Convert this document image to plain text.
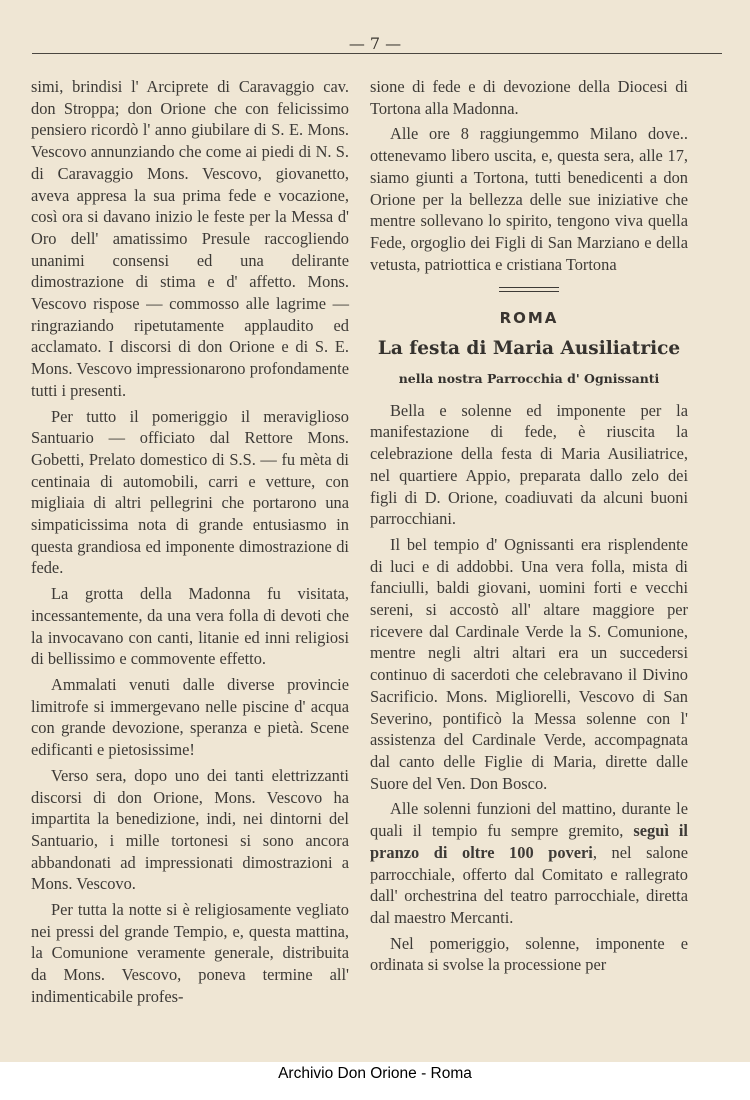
— 7 —

simi, brindisi l' Arciprete di Caravaggio cav. don Stroppa; don Orione che con felicissimo pensiero ricordò l' anno giubilare di S. E. Mons. Vescovo annunziando che come ai piedi di N. S. di Caravaggio Mons. Vescovo, giovanetto, aveva appresa la sua prima fede e vocazione, così ora si davano inizio le feste per la Messa d' Oro dell' amatissimo Presule raccogliendo unanimi consensi ed una delirante dimostrazione di stima e d' affetto. Mons. Vescovo rispose — commosso alle lagrime — ringraziando ripetutamente applaudito ed acclamato. I discorsi di don Orione e di S. E. Mons. Vescovo impressionarono profondamente tutti i presenti.

Per tutto il pomeriggio il meraviglioso Santuario — officiato dal Rettore Mons. Gobetti, Prelato domestico di S.S. — fu mèta di centinaia di automobili, carri e vetture, con migliaia di altri pellegrini che portarono una simpaticissima nota di grande entusiasmo in questa grandiosa ed imponente dimostrazione di fede.

La grotta della Madonna fu visitata, incessantemente, da una vera folla di devoti che la invocavano con canti, litanie ed inni religiosi di bellissimo e commovente effetto.

Ammalati venuti dalle diverse provincie limitrofe si immergevano nelle piscine d' acqua con grande devozione, speranza e pietà. Scene edificanti e pietosissime!

Verso sera, dopo uno dei tanti elettrizzanti discorsi di don Orione, Mons. Vescovo ha impartita la benedizione, indi, nei dintorni del Santuario, i mille tortonesi si sono ancora abbandonati ad impressionati dimostrazioni a Mons. Vescovo.

Per tutta la notte si è religiosamente vegliato nei pressi del grande Tempio, e, questa mattina, la Comunione veramente generale, distribuita da Mons. Vescovo, poneva termine all' indimenticabile profes-

sione di fede e di devozione della Diocesi di Tortona alla Madonna.

Alle ore 8 raggiungemmo Milano dove.. ottenevamo libero uscita, e, questa sera, alle 17, siamo giunti a Tortona, tutti benedicenti a don Orione per la bellezza delle sue iniziative che mentre sollevano lo spirito, tengono viva quella Fede, orgoglio dei Figli di San Marziano e della vetusta, patriottica e cristiana Tortona

ROMA
La festa di Maria Ausiliatrice
nella nostra Parrocchia d' Ognissanti

Bella e solenne ed imponente per la manifestazione di fede, è riuscita la celebrazione della festa di Maria Ausiliatrice, nel quartiere Appio, preparata dallo zelo dei figli di D. Orione, coadiuvati da alcuni buoni parrocchiani.

Il bel tempio d' Ognissanti era risplendente di luci e di addobbi. Una vera folla, mista di fanciulli, baldi giovani, uomini forti e vecchi sereni, si accostò all' altare maggiore per ricevere dal Cardinale Verde la S. Comunione, mentre negli altri altari era un succedersi continuo di sacerdoti che celebravano il Divino Sacrificio. Mons. Migliorelli, Vescovo di San Severino, pontificò la Messa solenne con l' assistenza del Cardinale Verde, accompagnata dal canto delle Figlie di Maria, dirette dalle Suore del Ven. Don Bosco.

Alle solenni funzioni del mattino, durante le quali il tempio fu sempre gremito, seguì il pranzo di oltre 100 poveri, nel salone parrocchiale, offerto dal Comitato e rallegrato dall' orchestrina del teatro parrocchiale, diretta dal maestro Mercanti.

Nel pomeriggio, solenne, imponente e ordinata si svolse la processione per

Archivio Don Orione - Roma
